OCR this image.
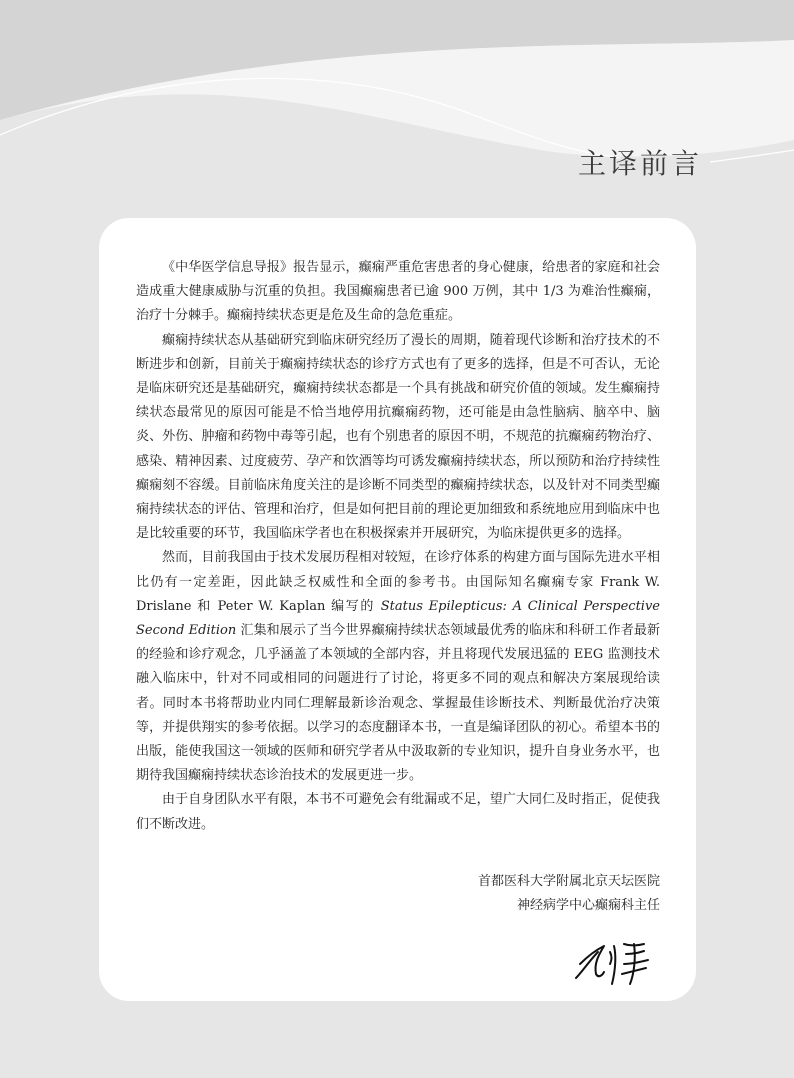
主译前言

《中华医学信息导报》报告显示，癫痫严重危害患者的身心健康，给患者的家庭和社会造成重大健康威胁与沉重的负担。我国癫痫患者已逾 900 万例，其中 1/3 为难治性癫痫，治疗十分棘手。癫痫持续状态更是危及生命的急危重症。

癫痫持续状态从基础研究到临床研究经历了漫长的周期，随着现代诊断和治疗技术的不断进步和创新，目前关于癫痫持续状态的诊疗方式也有了更多的选择，但是不可否认，无论是临床研究还是基础研究，癫痫持续状态都是一个具有挑战和研究价值的领域。发生癫痫持续状态最常见的原因可能是不恰当地停用抗癫痫药物，还可能是由急性脑病、脑卒中、脑炎、外伤、肿瘤和药物中毒等引起，也有个别患者的原因不明，不规范的抗癫痫药物治疗、感染、精神因素、过度疲劳、孕产和饮酒等均可诱发癫痫持续状态，所以预防和治疗持续性癫痫刻不容缓。目前临床角度关注的是诊断不同类型的癫痫持续状态，以及针对不同类型癫痫持续状态的评估、管理和治疗，但是如何把目前的理论更加细致和系统地应用到临床中也是比较重要的环节，我国临床学者也在积极探索并开展研究，为临床提供更多的选择。

然而，目前我国由于技术发展历程相对较短，在诊疗体系的构建方面与国际先进水平相比仍有一定差距，因此缺乏权威性和全面的参考书。由国际知名癫痫专家 Frank W. Drislane 和 Peter W. Kaplan 编写的 Status Epilepticus: A Clinical Perspective Second Edition 汇集和展示了当今世界癫痫持续状态领域最优秀的临床和科研工作者最新的经验和诊疗观念，几乎涵盖了本领域的全部内容，并且将现代发展迅猛的 EEG 监测技术融入临床中，针对不同或相同的问题进行了讨论，将更多不同的观点和解决方案展现给读者。同时本书将帮助业内同仁理解最新诊治观念、掌握最佳诊断技术、判断最优治疗决策等，并提供翔实的参考依据。以学习的态度翻译本书，一直是编译团队的初心。希望本书的出版，能使我国这一领域的医师和研究学者从中汲取新的专业知识，提升自身业务水平，也期待我国癫痫持续状态诊治技术的发展更进一步。

由于自身团队水平有限，本书不可避免会有纰漏或不足，望广大同仁及时指正，促使我们不断改进。

首都医科大学附属北京天坛医院
神经病学中心癫痫科主任
